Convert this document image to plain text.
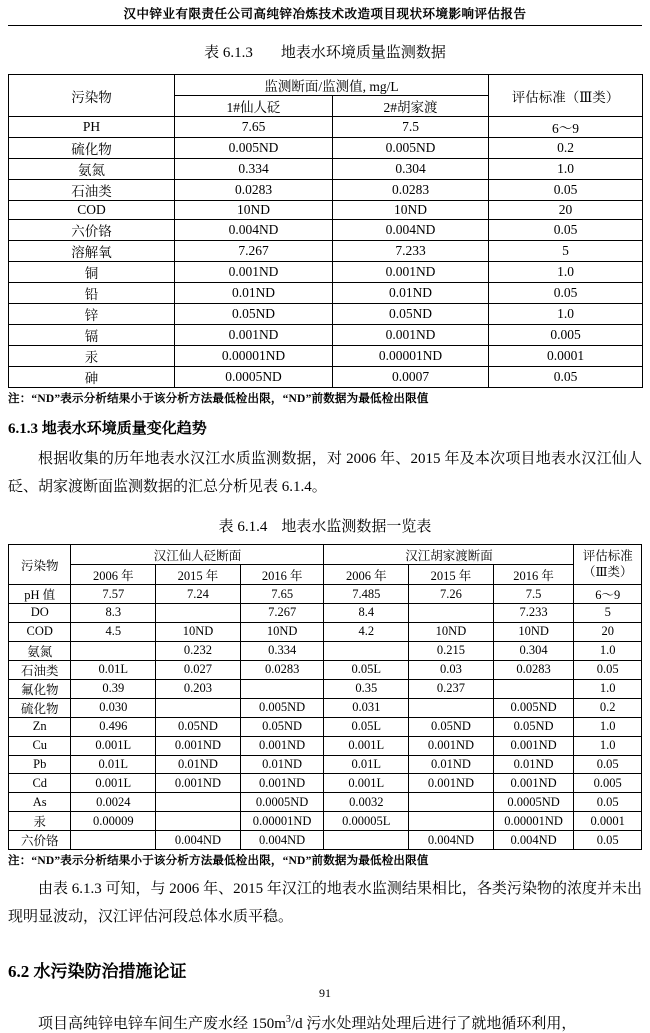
汉中锌业有限责任公司高纯锌冶炼技术改造项目现状环境影响评估报告
表 6.1.3 地表水环境质量监测数据
污染物	监测断面/监测值, mg/L		评估标准（Ⅲ类）
	1#仙人砭	2#胡家渡	
PH	7.65	7.5	6～9
硫化物	0.005ND	0.005ND	0.2
氨氮	0.334	0.304	1.0
石油类	0.0283	0.0283	0.05
COD	10ND	10ND	20
六价铬	0.004ND	0.004ND	0.05
溶解氧	7.267	7.233	5
铜	0.001ND	0.001ND	1.0
铅	0.01ND	0.01ND	0.05
锌	0.05ND	0.05ND	1.0
镉	0.001ND	0.001ND	0.005
汞	0.00001ND	0.00001ND	0.0001
砷	0.0005ND	0.0007	0.05
注：“ND”表示分析结果小于该分析方法最低检出限，“ND”前数据为最低检出限值
6.1.3 地表水环境质量变化趋势

根据收集的历年地表水汉江水质监测数据，对 2006 年、2015 年及本次项目地表水汉江仙人砭、胡家渡断面监测数据的汇总分析见表 6.1.4。

表 6.1.4 地表水监测数据一览表
污染物	汉江仙人砭断面			汉江胡家渡断面			评估标准
（Ⅲ类）

	2006 年	2015 年	2016 年	2006 年	2015 年	2016 年	
pH 值	7.57	7.24	7.65	7.485	7.26	7.5	6～9
DO	8.3		7.267	8.4		7.233	5
COD	4.5	10ND	10ND	4.2	10ND	10ND	20
氨氮		0.232	0.334		0.215	0.304	1.0
石油类	0.01L	0.027	0.0283	0.05L	0.03	0.0283	0.05
氟化物	0.39	0.203		0.35	0.237		1.0
硫化物	0.030		0.005ND	0.031		0.005ND	0.2
Zn	0.496	0.05ND	0.05ND	0.05L	0.05ND	0.05ND	1.0
Cu	0.001L	0.001ND	0.001ND	0.001L	0.001ND	0.001ND	1.0
Pb	0.01L	0.01ND	0.01ND	0.01L	0.01ND	0.01ND	0.05
Cd	0.001L	0.001ND	0.001ND	0.001L	0.001ND	0.001ND	0.005
As	0.0024		0.0005ND	0.0032		0.0005ND	0.05
汞	0.00009		0.00001ND	0.00005L		0.00001ND	0.0001
六价铬		0.004ND	0.004ND		0.004ND	0.004ND	0.05
注：“ND”表示分析结果小于该分析方法最低检出限，“ND”前数据为最低检出限值

由表 6.1.3 可知，与 2006 年、2015 年汉江的地表水监测结果相比，各类污染物的浓度并未出现明显波动，汉江评估河段总体水质平稳。

6.2 水污染防治措施论证

项目高纯锌电锌车间生产废水经 $150m^3/d$ 污水处理站处理后进行了就地循环利用，

91
